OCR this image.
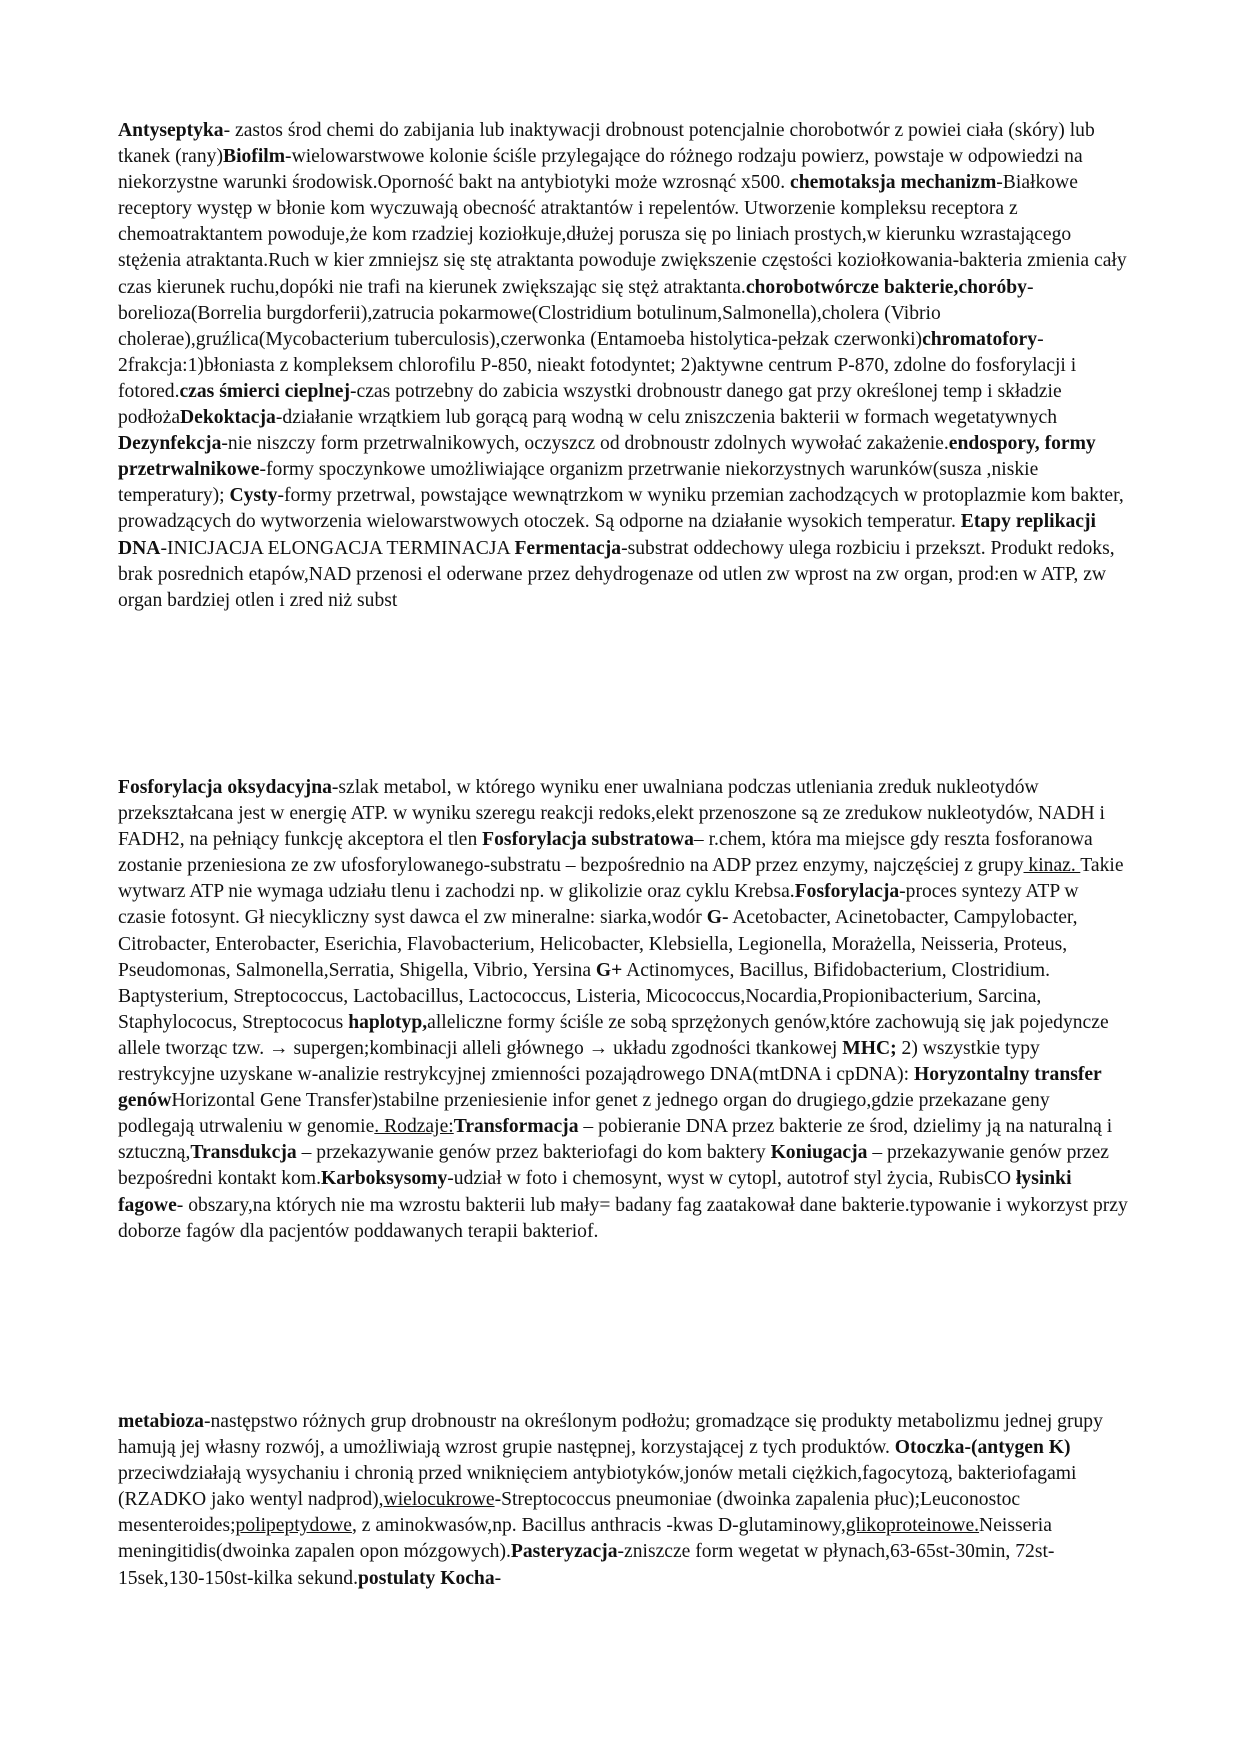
Antyseptyka- zastos środ chemi do zabijania lub inaktywacji drobnoust potencjalnie chorobotwór z powiei ciała (skóry) lub tkanek (rany)Biofilm-wielowarstwowe kolonie ściśle przylegające do różnego rodzaju powierz, powstaje w odpowiedzi na niekorzystne warunki środowisk.Oporność bakt na antybiotyki może wzrosnąć x500. chemotaksja mechanizm-Białkowe receptory występ w błonie kom wyczuwają obecność atraktantów i repelentów. Utworzenie kompleksu receptora z chemoatraktantem powoduje,że kom rzadziej koziołkuje,dłużej porusza się po liniach prostych,w kierunku wzrastającego stężenia atraktanta.Ruch w kier zmniejsz się stę atraktanta powoduje zwiększenie częstości koziołkowania-bakteria zmienia cały czas kierunek ruchu,dopóki nie trafi na kierunek zwiększając się stęż atraktanta.chorobotwórcze bakterie,choróby- borelioza(Borrelia burgdorferii),zatrucia pokarmowe(Clostridium botulinum,Salmonella),cholera (Vibrio cholerae),gruźlica(Mycobacterium tuberculosis),czerwonka (Entamoeba histolytica-pełzak czerwonki)chromatofory- 2frakcja:1)błoniasta z kompleksem chlorofilu P-850, nieakt fotodyntet; 2)aktywne centrum P-870, zdolne do fosforylacji i fotored.czas śmierci cieplnej-czas potrzebny do zabicia wszystki drobnoustr danego gat przy określonej temp i składzie podłożaDekoktacja-działanie wrzątkiem lub gorącą parą wodną w celu zniszczenia bakterii w formach wegetatywnych Dezynfekcja-nie niszczy form przetrwalnikowych, oczyszcz od drobnoustr zdolnych wywołać zakażenie.endospory, formy przetrwalnikowe-formy spoczynkowe umożliwiające organizm przetrwanie niekorzystnych warunków(susza ,niskie temperatury); Cysty-formy przetrwal, powstające wewnątrzkom w wyniku przemian zachodzących w protoplazmie kom bakter, prowadzących do wytworzenia wielowarstwowych otoczek. Są odporne na działanie wysokich temperatur. Etapy replikacji DNA-INICJACJA ELONGACJA TERMINACJA Fermentacja-substrat oddechowy ulega rozbiciu i przekszt. Produkt redoks, brak posrednich etapów,NAD przenosi el oderwane przez dehydrogenaze od utlen zw wprost na zw organ, prod:en w ATP, zw organ bardziej otlen i zred niż subst

Fosforylacja oksydacyjna-szlak metabol, w którego wyniku ener uwalniana podczas utleniania zreduk nukleotydów przekształcana jest w energię ATP. w wyniku szeregu reakcji redoks,elekt przenoszone są ze zredukow nukleotydów, NADH i FADH2, na pełniący funkcję akceptora el tlen Fosforylacja substratowa– r.chem, która ma miejsce gdy reszta fosforanowa zostanie przeniesiona ze zw ufosforylowanego-substratu – bezpośrednio na ADP przez enzymy, najczęściej z grupy kinaz. Takie wytwarz ATP nie wymaga udziału tlenu i zachodzi np. w glikolizie oraz cyklu Krebsa.Fosforylacja-proces syntezy ATP w czasie fotosynt. Gł niecykliczny syst dawca el zw mineralne: siarka,wodór G- Acetobacter, Acinetobacter, Campylobacter, Citrobacter, Enterobacter, Eserichia, Flavobacterium, Helicobacter, Klebsiella, Legionella, Morażella, Neisseria, Proteus, Pseudomonas, Salmonella,Serratia, Shigella, Vibrio, Yersina G+ Actinomyces, Bacillus, Bifidobacterium, Clostridium. Baptysterium, Streptococcus, Lactobacillus, Lactococcus, Listeria, Micococcus,Nocardia,Propionibacterium, Sarcina, Staphylococus, Streptococus haplotyp,alleliczne formy ściśle ze sobą sprzężonych genów,które zachowują się jak pojedyncze allele tworząc tzw. → supergen;kombinacji alleli głównego → układu zgodności tkankowej MHC; 2) wszystkie typy restrykcyjne uzyskane w-analizie restrykcyjnej zmienności pozajądrowego DNA(mtDNA i cpDNA): Horyzontalny transfer genówHorizontal Gene Transfer)stabilne przeniesienie infor genet z jednego organ do drugiego,gdzie przekazane geny podlegają utrwaleniu w genomie. Rodzaje:Transformacja – pobieranie DNA przez bakterie ze środ, dzielimy ją na naturalną i sztuczną,Transdukcja – przekazywanie genów przez bakteriofagi do kom baktery Koniugacja – przekazywanie genów przez bezpośredni kontakt kom.Karboksysomy-udział w foto i chemosynt, wyst w cytopl, autotrof styl życia, RubisCO łysinki fagowe- obszary,na których nie ma wzrostu bakterii lub mały= badany fag zaatakował dane bakterie.typowanie i wykorzyst przy doborze fagów dla pacjentów poddawanych terapii bakteriof.

metabioza-następstwo różnych grup drobnoustr na określonym podłożu; gromadzące się produkty metabolizmu jednej grupy hamują jej własny rozwój, a umożliwiają wzrost grupie następnej, korzystającej z tych produktów. Otoczka-(antygen K) przeciwdziałają wysychaniu i chronią przed wniknięciem antybiotyków,jonów metali ciężkich,fagocytozą, bakteriofagami (RZADKO jako wentyl nadprod),wielocukrowe-Streptococcus pneumoniae (dwoinka zapalenia płuc);Leuconostoc mesenteroides;polipeptydowe, z aminokwasów,np. Bacillus anthracis -kwas D-glutaminowy,glikoproteinowe.Neisseria meningitidis(dwoinka zapalen opon mózgowych).Pasteryzacja-zniszcze form wegetat w płynach,63-65st-30min, 72st-15sek,130-150st-kilka sekund.postulaty Kocha-
